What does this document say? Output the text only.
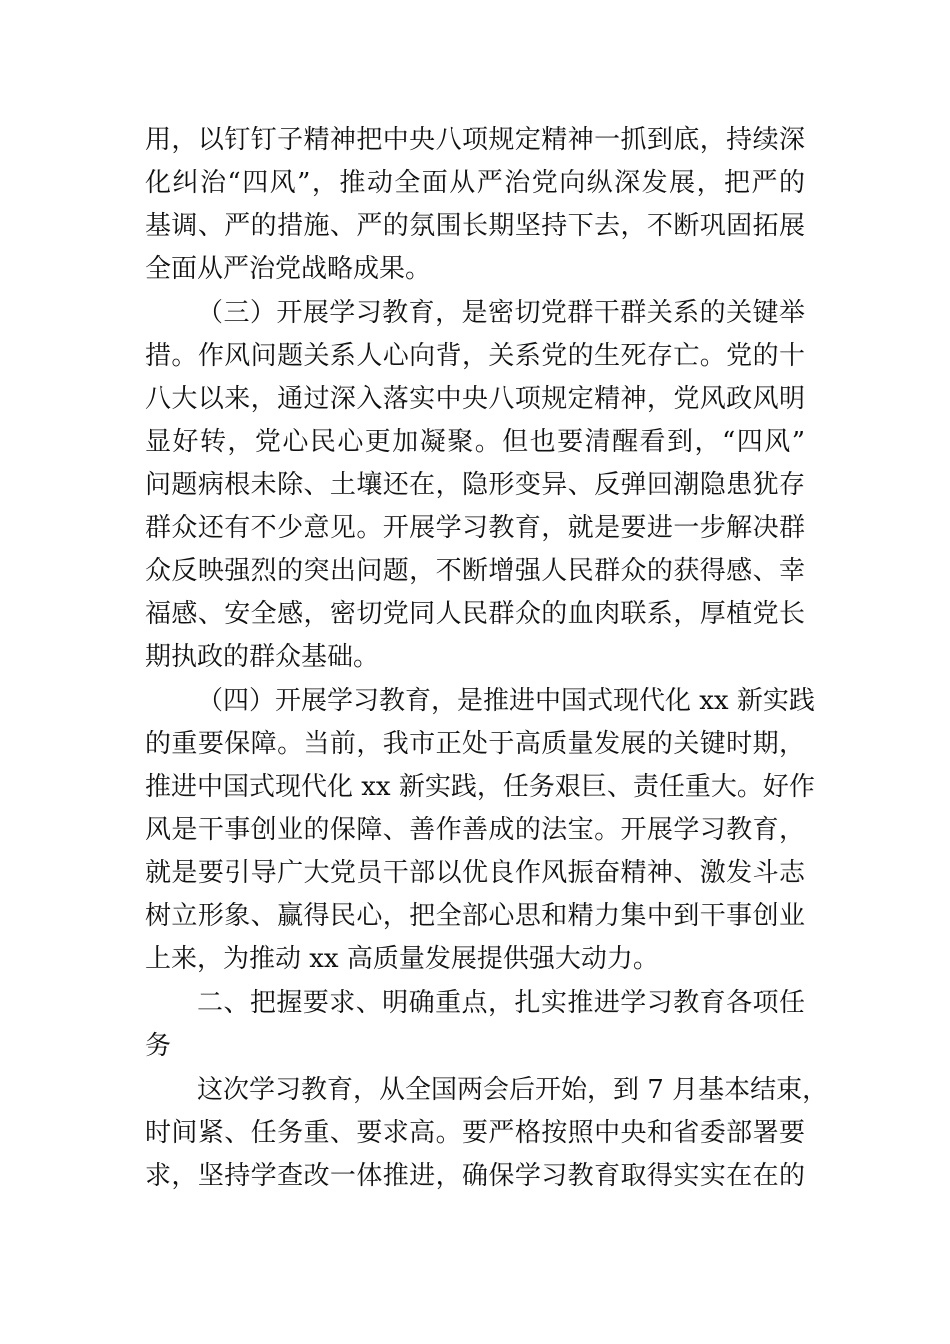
用，以钉钉子精神把中央八项规定精神一抓到底，持续深
化纠治“四风”，推动全面从严治党向纵深发展，把严的
基调、严的措施、严的氛围长期坚持下去，不断巩固拓展
全面从严治党战略成果。
（三）开展学习教育，是密切党群干群关系的关键举
措。作风问题关系人心向背，关系党的生死存亡。党的十
八大以来，通过深入落实中央八项规定精神，党风政风明
显好转，党心民心更加凝聚。但也要清醒看到，“四风”
问题病根未除、土壤还在，隐形变异、反弹回潮隐患犹存
群众还有不少意见。开展学习教育，就是要进一步解决群
众反映强烈的突出问题，不断增强人民群众的获得感、幸
福感、安全感，密切党同人民群众的血肉联系，厚植党长
期执政的群众基础。
（四）开展学习教育，是推进中国式现代化 xx 新实践
的重要保障。当前，我市正处于高质量发展的关键时期，
推进中国式现代化 xx 新实践，任务艰巨、责任重大。好作
风是干事创业的保障、善作善成的法宝。开展学习教育，
就是要引导广大党员干部以优良作风振奋精神、激发斗志
树立形象、赢得民心，把全部心思和精力集中到干事创业
上来，为推动 xx 高质量发展提供强大动力。
二、把握要求、明确重点，扎实推进学习教育各项任
务
这次学习教育，从全国两会后开始，到 7 月基本结束，
时间紧、任务重、要求高。要严格按照中央和省委部署要
求，坚持学查改一体推进，确保学习教育取得实实在在的
